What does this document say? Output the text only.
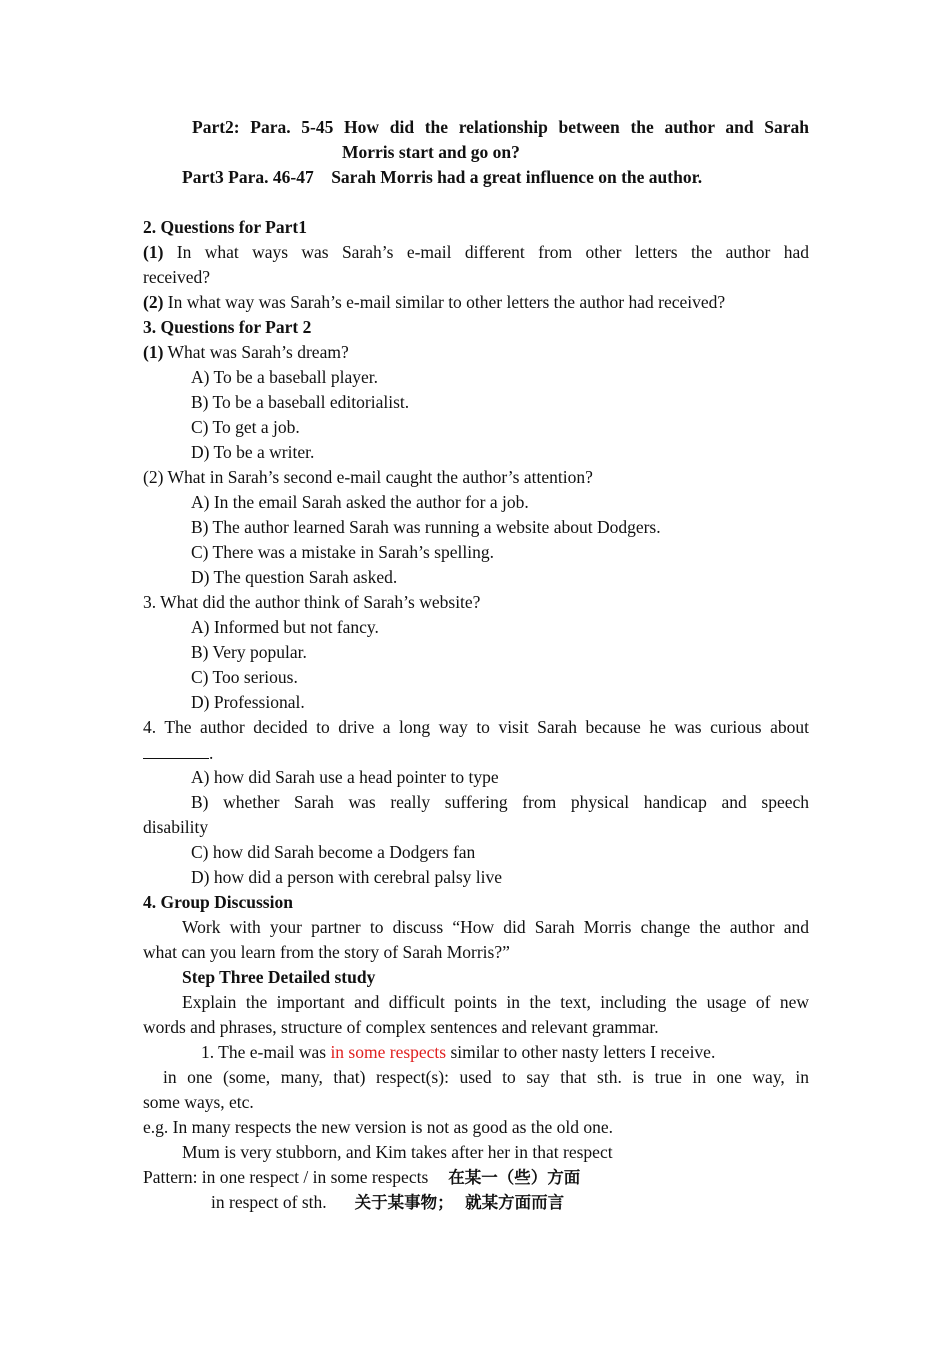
Part2: Para. 5-45 How did the relationship between the author and Sarah
Morris start and go on?
Part3 Para. 46-47    Sarah Morris had a great influence on the author.
2. Questions for Part1
(1) In what ways was Sarah’s e-mail different from other letters the author had
received?
(2) In what way was Sarah’s e-mail similar to other letters the author had received?
3. Questions for Part 2
(1) What was Sarah’s dream?
A) To be a baseball player.
B) To be a baseball editorialist.
C) To get a job.
D) To be a writer.
(2) What in Sarah’s second e-mail caught the author’s attention?
A) In the email Sarah asked the author for a job.
B) The author learned Sarah was running a website about Dodgers.
C) There was a mistake in Sarah’s spelling.
D) The question Sarah asked.
3. What did the author think of Sarah’s website?
A) Informed but not fancy.
B) Very popular.
C) Too serious.
D) Professional.
4. The author decided to drive a long way to visit Sarah because he was curious about
.
A) how did Sarah use a head pointer to type
B) whether Sarah was really suffering from physical handicap and speech
disability
C) how did Sarah become a Dodgers fan
D) how did a person with cerebral palsy live
4. Group Discussion
Work with your partner to discuss “How did Sarah Morris change the author and
what can you learn from the story of Sarah Morris?”
Step Three Detailed study
Explain the important and difficult points in the text, including the usage of new
words and phrases, structure of complex sentences and relevant grammar.
1. The e-mail was in some respects similar to other nasty letters I receive.
in one (some, many, that) respect(s): used to say that sth. is true in one way, in
some ways, etc.
e.g. In many respects the new version is not as good as the old one.
Mum is very stubborn, and Kim takes after her in that respect
Pattern: in one respect / in some respects 在某一（些）方面
in respect of sth. 关于某事物；  就某方面而言
